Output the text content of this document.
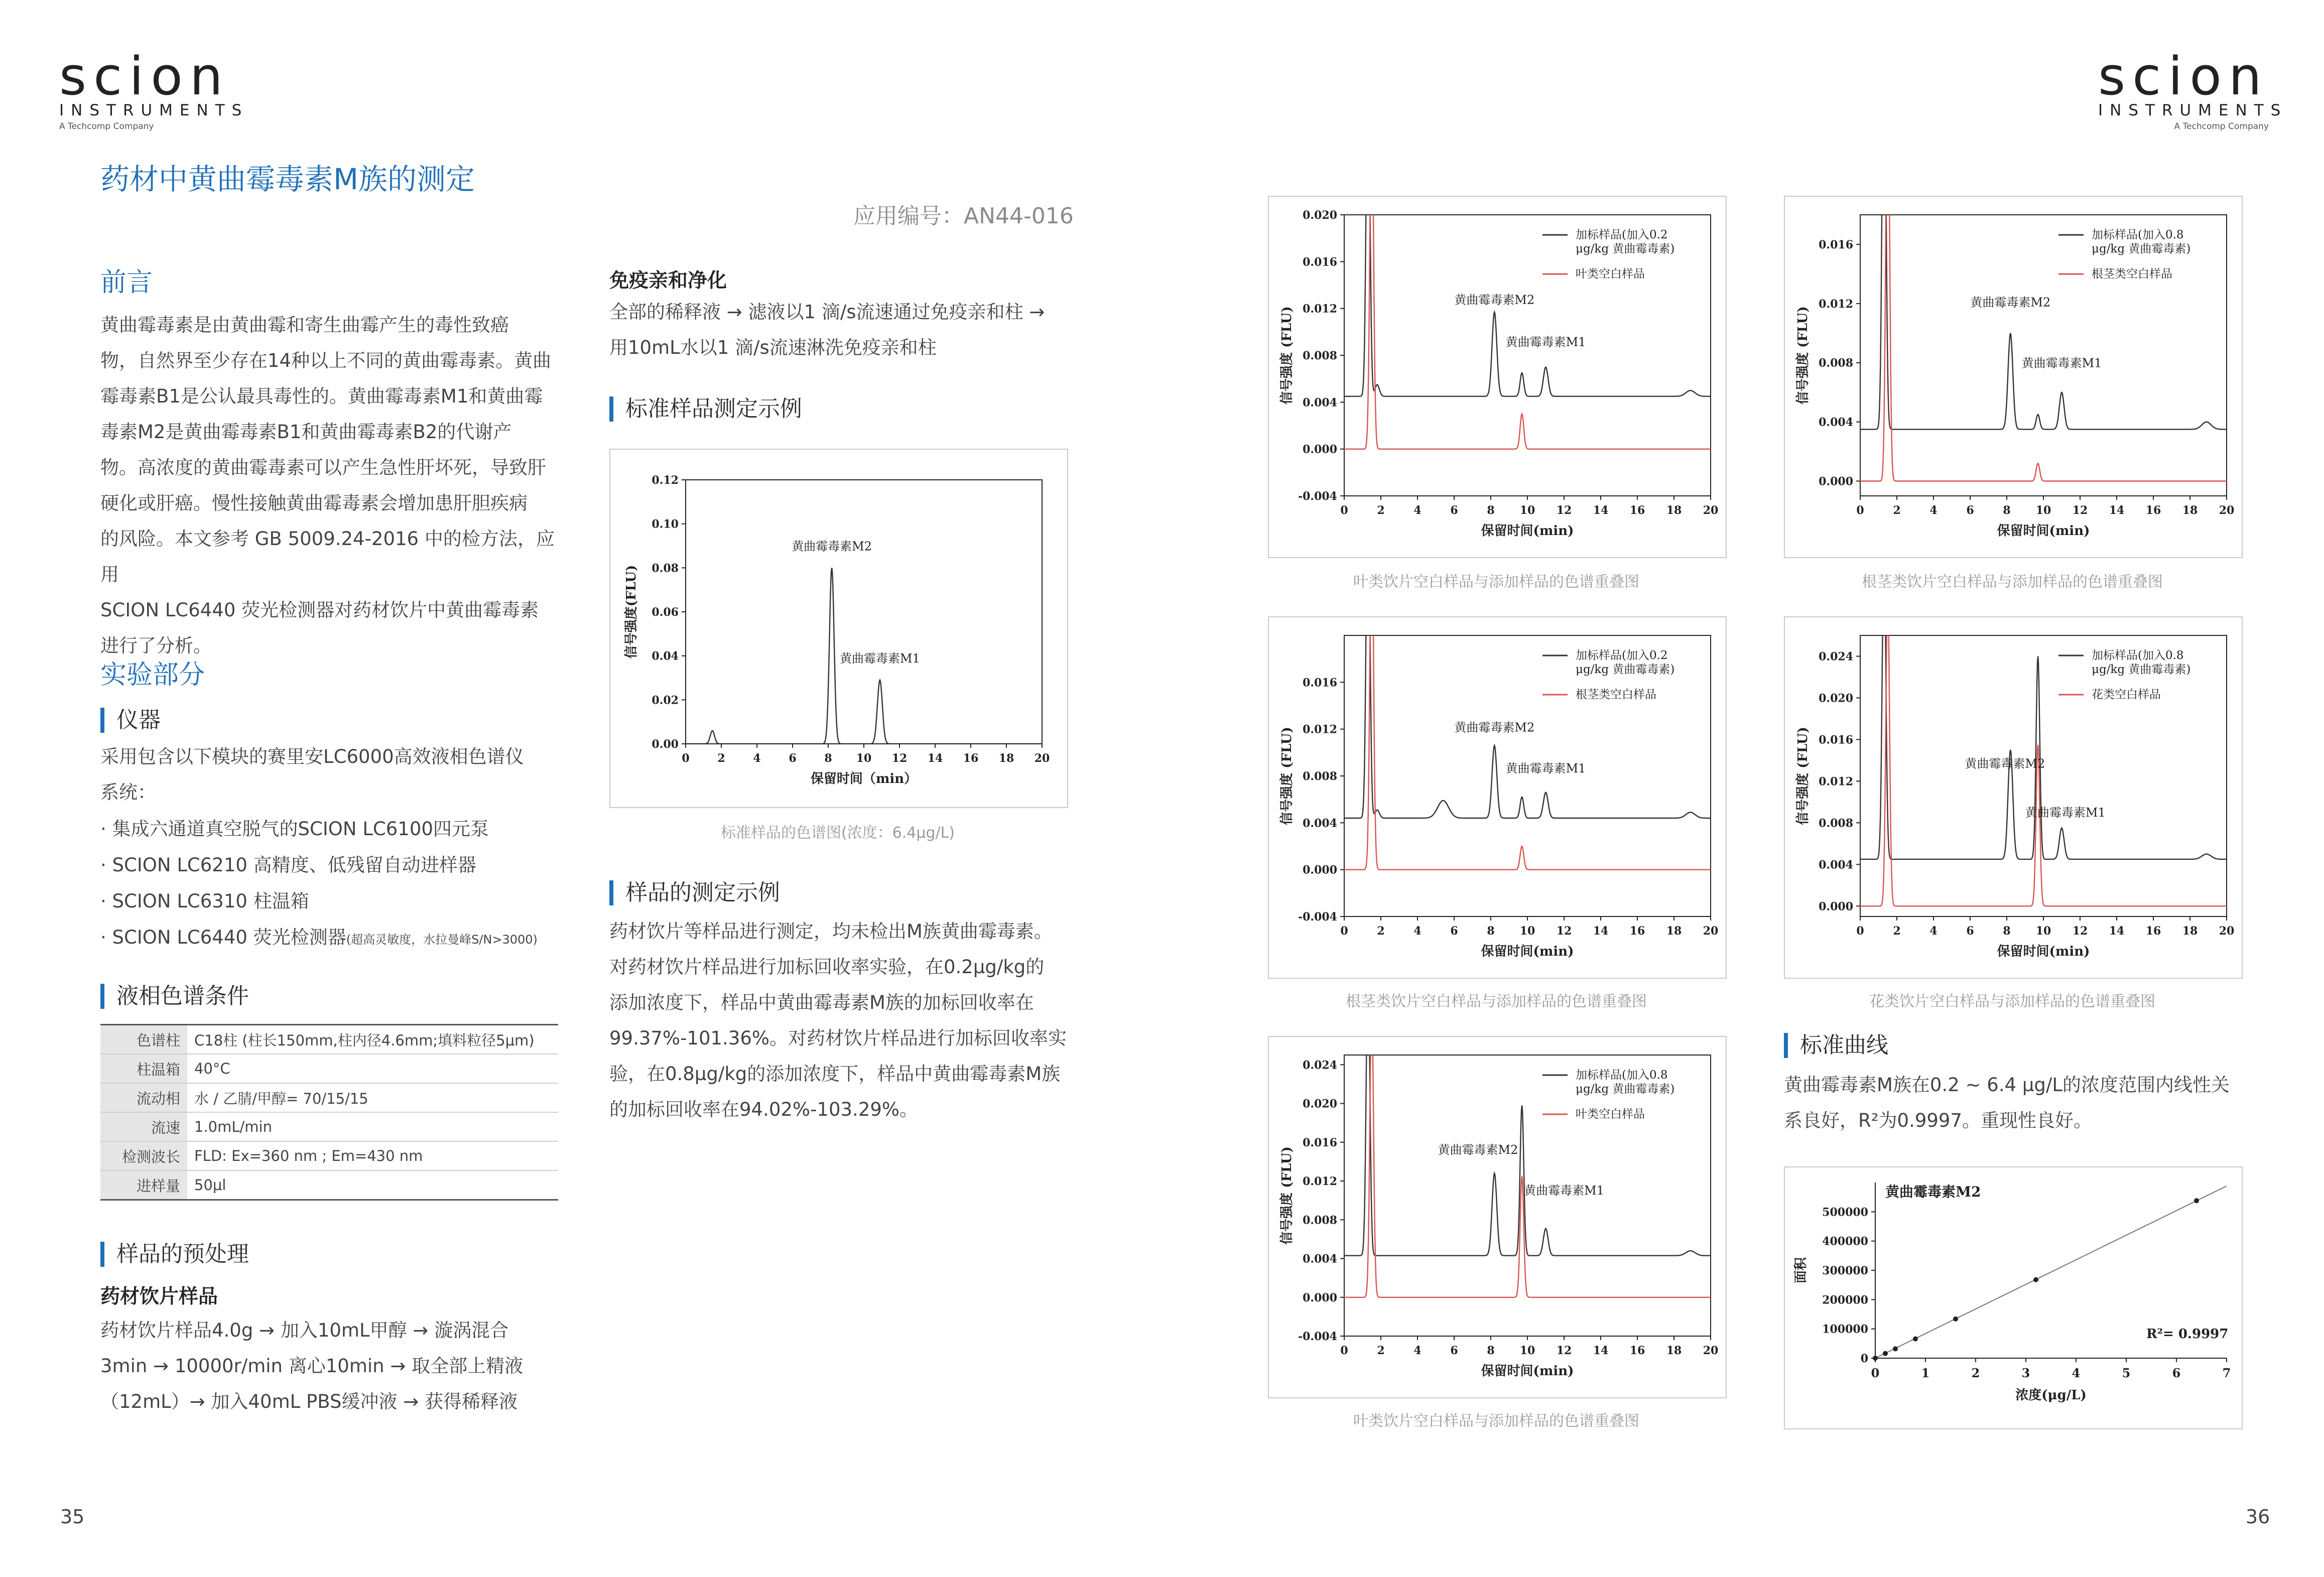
scion
INSTRUMENTS
A Techcomp Company
scion
INSTRUMENTS
A Techcomp Company
药材中黄曲霉毒素M族的测定
应用编号：AN44-016
前言
黄曲霉毒素是由黄曲霉和寄生曲霉产生的毒性致癌
物，自然界至少存在14种以上不同的黄曲霉毒素。黄曲
霉毒素B1是公认最具毒性的。黄曲霉毒素M1和黄曲霉
毒素M2是黄曲霉毒素B1和黄曲霉毒素B2的代谢产
物。高浓度的黄曲霉毒素可以产生急性肝坏死，导致肝
硬化或肝癌。慢性接触黄曲霉毒素会增加患肝胆疾病
的风险。本文参考 GB 5009.24-2016 中的检方法，应用
SCION LC6440 荧光检测器对药材饮片中黄曲霉毒素
进行了分析。
实验部分
仪器
采用包含以下模块的赛里安LC6000高效液相色谱仪
系统：
· 集成六通道真空脱气的SCION LC6100四元泵
· SCION LC6210 高精度、低残留自动进样器
· SCION LC6310 柱温箱
· SCION LC6440 荧光检测器(超高灵敏度，水拉曼峰S/N>3000)
液相色谱条件
色谱柱	C18柱 (柱长150mm,柱内径4.6mm;填料粒径5μm)
柱温箱	40°C
流动相	水 / 乙腈/甲醇= 70/15/15
流速	1.0mL/min
检测波长	FLD: Ex=360 nm ; Em=430 nm
进样量	50μl
样品的预处理
药材饮片样品
药材饮片样品4.0g → 加入10mL甲醇 → 漩涡混合
3min → 10000r/min 离心10min → 取全部上精液
（12mL）→ 加入40mL PBS缓冲液 → 获得稀释液
免疫亲和净化
全部的稀释液 → 滤液以1 滴/s流速通过免疫亲和柱 →
用10mL水以1 滴/s流速淋洗免疫亲和柱
标准样品测定示例
0	2	4	6	8 10 12 14 16 18 20
0.00
0.02
0.04
0.06
0.08
0.10
0.12
保留时间（min）
信号强度(FLU)
黄曲霉毒素M2
黄曲霉毒素M1
标准样品的色谱图(浓度：6.4μg/L)
样品的测定示例
药材饮片等样品进行测定，均未检出M族黄曲霉毒素。
对药材饮片样品进行加标回收率实验，在0.2μg/kg的
添加浓度下，样品中黄曲霉毒素M族的加标回收率在
99.37%-101.36%。对药材饮片样品进行加标回收率实
验，在0.8μg/kg的添加浓度下，样品中黄曲霉毒素M族
的加标回收率在94.02%-103.29%。
0	2	4	6	8 10 12 14 16 18 20
-0.004
0.000
0.004
0.008
0.012
0.016
0.020
保留时间(min)
信号强度 (FLU)
黄曲霉毒素M2
黄曲霉毒素M1
加标样品(加入0.2
μg/kg 黄曲霉毒素)
叶类空白样品
叶类饮片空白样品与添加样品的色谱重叠图
0	2	4	6	8 10 12 14 16 18 20
0.000
0.004
0.008
0.012
0.016
保留时间(min)
信号强度 (FLU)
黄曲霉毒素M2
黄曲霉毒素M1
加标样品(加入0.8
μg/kg 黄曲霉毒素)
根茎类空白样品
根茎类饮片空白样品与添加样品的色谱重叠图
0	2	4	6	8 10 12 14 16 18 20
-0.004
0.000
0.004
0.008
0.012
0.016
保留时间(min)
信号强度 (FLU)	黄曲霉毒素M2
黄曲霉毒素M1
加标样品(加入0.2
μg/kg 黄曲霉毒素)
根茎类空白样品
根茎类饮片空白样品与添加样品的色谱重叠图
0	2	4	6	8 10 12 14 16 18 20
0.000
0.004
0.008
0.012
0.016
0.020
0.024
保留时间(min)
信号强度 (FLU)	黄曲霉毒素M2
黄曲霉毒素M1
加标样品(加入0.8
μg/kg 黄曲霉毒素)
花类空白样品
花类饮片空白样品与添加样品的色谱重叠图
0	2	4	6	8 10 12 14 16 18 20
-0.004
0.000
0.004
0.008
0.012
0.016
0.020
0.024
保留时间(min)
信号强度 (FLU)	黄曲霉毒素M2
黄曲霉毒素M1
加标样品(加入0.8
μg/kg 黄曲霉毒素)
叶类空白样品
叶类饮片空白样品与添加样品的色谱重叠图
标准曲线
黄曲霉毒素M族在0.2 ~ 6.4 μg/L的浓度范围内线性关
系良好，R²为0.9997。重现性良好。
0	1	2	3	4	5	6	7
0
100000
200000
300000
400000
500000
黄曲霉毒素M2
R²= 0.9997
浓度(μg/L)
面积
35	36
